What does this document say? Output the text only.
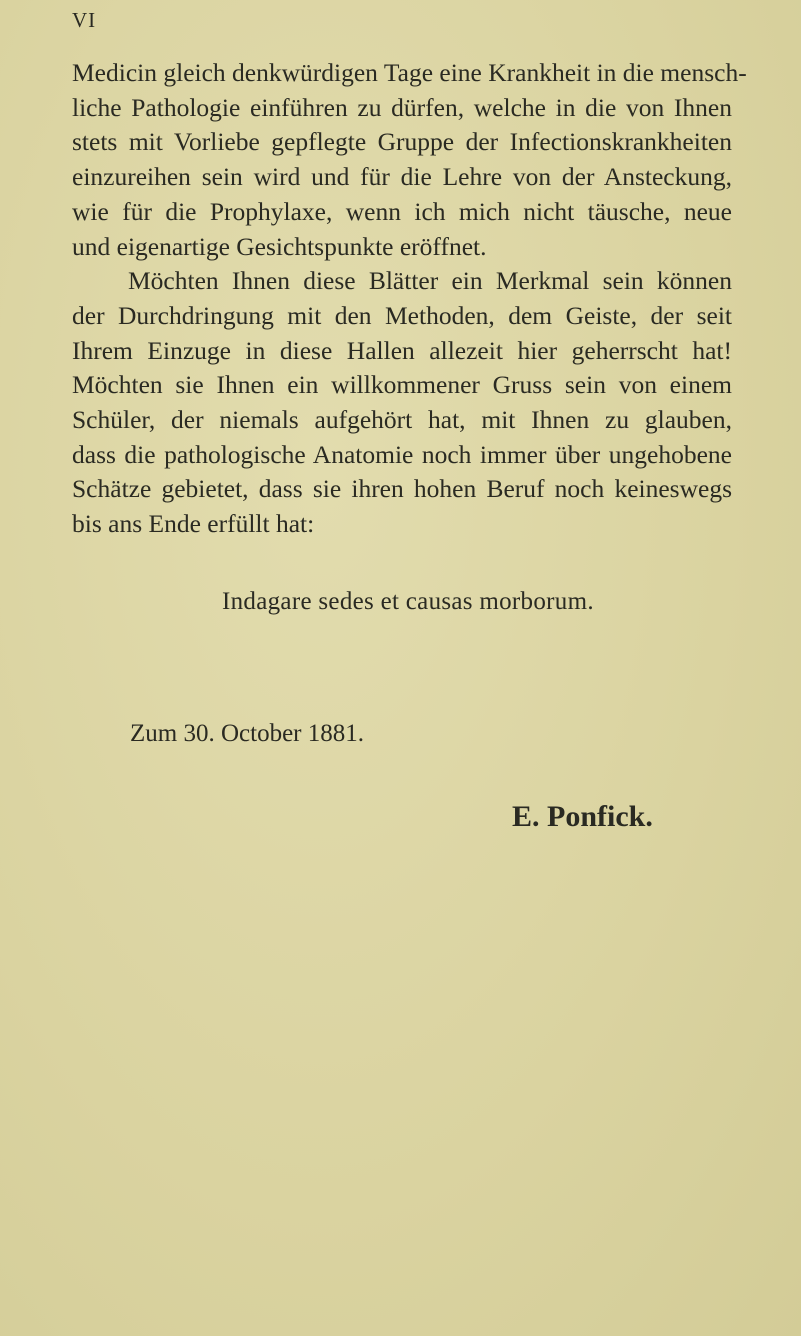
VI
Medicin gleich denkwürdigen Tage eine Krankheit in die mensch-
liche Pathologie einführen zu dürfen, welche in die von Ihnen
stets mit Vorliebe gepflegte Gruppe der Infectionskrankheiten
einzureihen sein wird und für die Lehre von der Ansteckung,
wie für die Prophylaxe, wenn ich mich nicht täusche, neue
und eigenartige Gesichtspunkte eröffnet.
Möchten Ihnen diese Blätter ein Merkmal sein können
der Durchdringung mit den Methoden, dem Geiste, der seit
Ihrem Einzuge in diese Hallen allezeit hier geherrscht hat!
Möchten sie Ihnen ein willkommener Gruss sein von einem
Schüler, der niemals aufgehört hat, mit Ihnen zu glauben,
dass die pathologische Anatomie noch immer über ungehobene
Schätze gebietet, dass sie ihren hohen Beruf noch keineswegs
bis ans Ende erfüllt hat:
Indagare sedes et causas morborum.
Zum 30. October 1881.
E. Ponfick.
